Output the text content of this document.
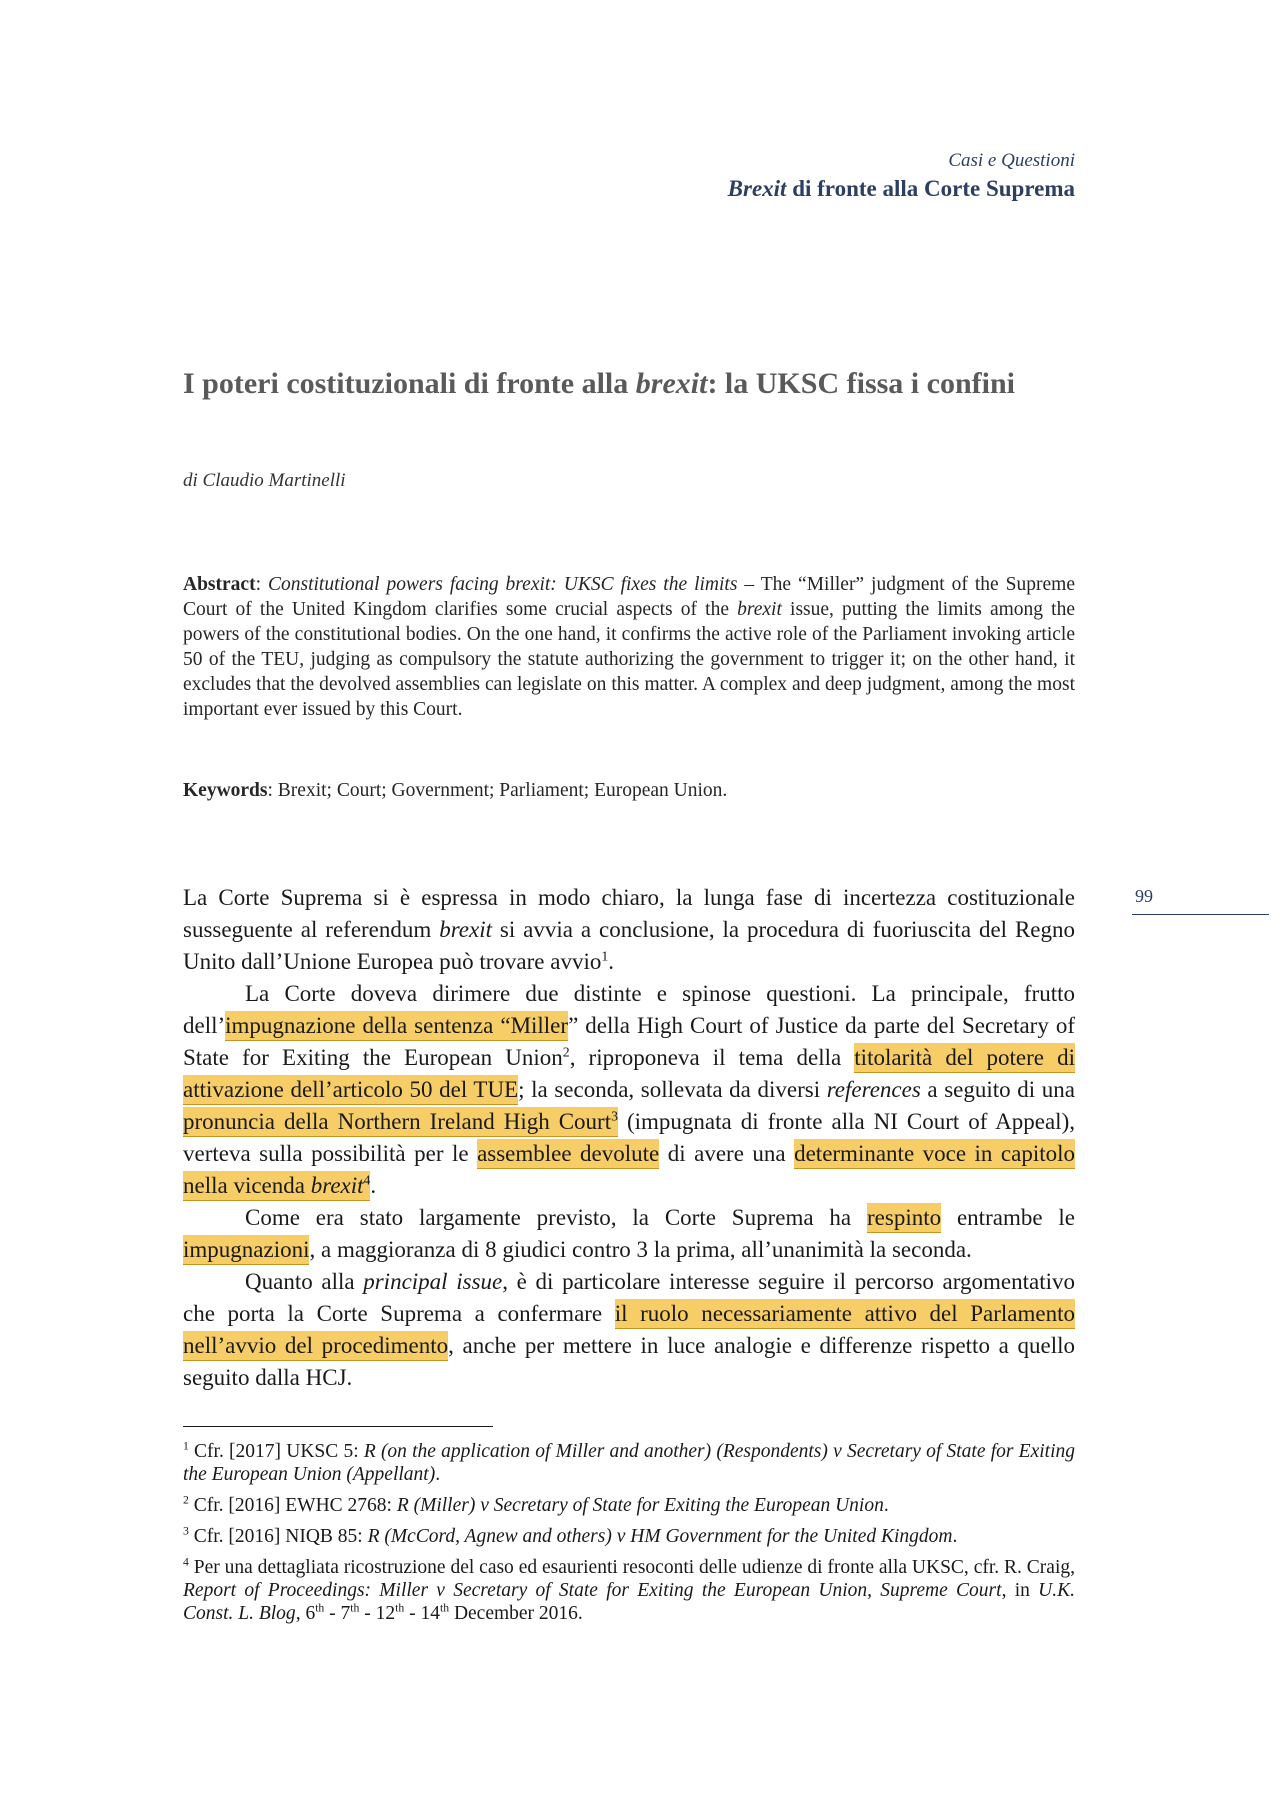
Casi e Questioni
Brexit di fronte alla Corte Suprema
I poteri costituzionali di fronte alla brexit: la UKSC fissa i confini
di Claudio Martinelli

Abstract: Constitutional powers facing brexit: UKSC fixes the limits – The “Miller” judgment of the Supreme Court of the United Kingdom clarifies some crucial aspects of the brexit issue, putting the limits among the powers of the constitutional bodies. On the one hand, it confirms the active role of the Parliament invoking article 50 of the TEU, judging as compulsory the statute authorizing the government to trigger it; on the other hand, it excludes that the devolved assemblies can legislate on this matter. A complex and deep judgment, among the most important ever issued by this Court.

Keywords: Brexit; Court; Government; Parliament; European Union.

99

La Corte Suprema si è espressa in modo chiaro, la lunga fase di incertezza costituzionale susseguente al referendum brexit si avvia a conclusione, la procedura di fuoriuscita del Regno Unito dall’Unione Europea può trovare avvio$^1$.

La Corte doveva dirimere due distinte e spinose questioni. La principale, frutto dell’impugnazione della sentenza “Miller” della High Court of Justice da parte del Secretary of State for Exiting the European Union$^2$, riproponeva il tema della titolarità del potere di attivazione dell’articolo 50 del TUE; la seconda, sollevata da diversi references a seguito di una pronuncia della Northern Ireland High Court$^3$ (impugnata di fronte alla NI Court of Appeal), verteva sulla possibilità per le assemblee devolute di avere una determinante voce in capitolo nella vicenda brexit$^4$.

Come era stato largamente previsto, la Corte Suprema ha respinto entrambe le impugnazioni, a maggioranza di 8 giudici contro 3 la prima, all’unanimità la seconda.

Quanto alla principal issue, è di particolare interesse seguire il percorso argomentativo che porta la Corte Suprema a confermare il ruolo necessariamente attivo del Parlamento nell’avvio del procedimento, anche per mettere in luce analogie e differenze rispetto a quello seguito dalla HCJ.

$^1$ Cfr. [2017] UKSC 5: R (on the application of Miller and another) (Respondents) v Secretary of State for Exiting the European Union (Appellant).

$^2$ Cfr. [2016] EWHC 2768: R (Miller) v Secretary of State for Exiting the European Union.

$^3$ Cfr. [2016] NIQB 85: R (McCord, Agnew and others) v HM Government for the United Kingdom.

$^4$ Per una dettagliata ricostruzione del caso ed esaurienti resoconti delle udienze di fronte alla UKSC, cfr. R. Craig, Report of Proceedings: Miller v Secretary of State for Exiting the European Union, Supreme Court, in U.K. Const. L. Blog, 6th - 7th - 12th - 14th December 2016.
